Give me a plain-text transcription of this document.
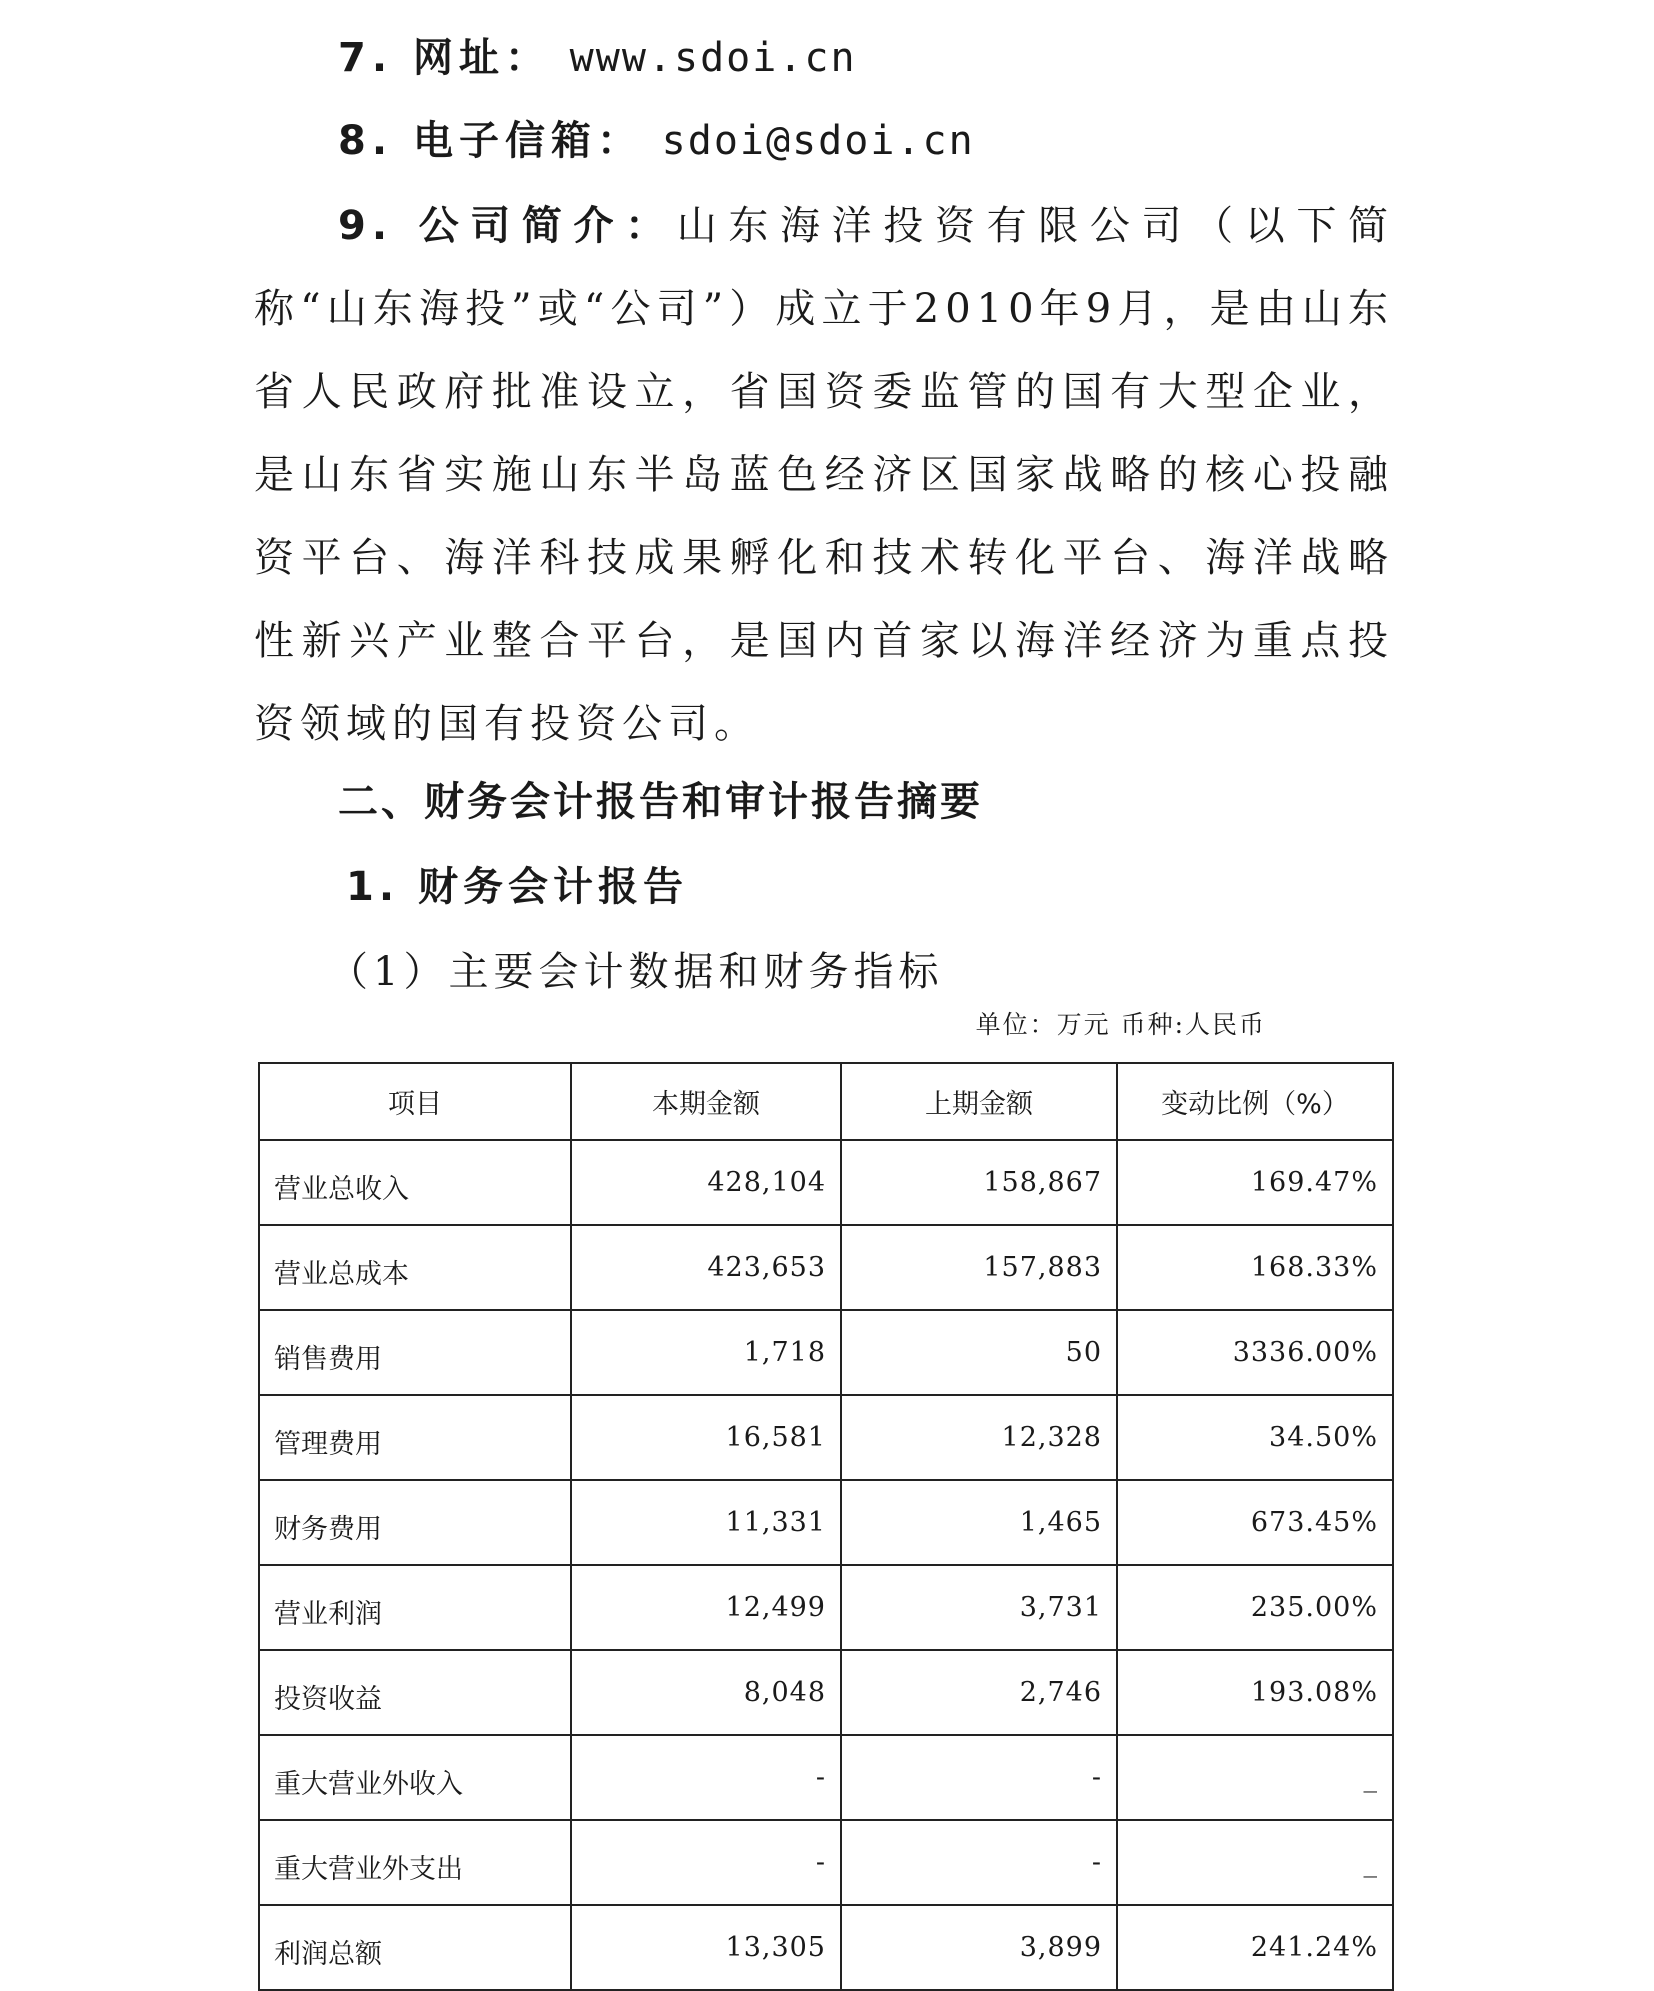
7. 网址： www.sdoi.cn

8. 电子信箱： sdoi@sdoi.cn

9. 公司简介：山东海洋投资有限公司（以下简称“山东海投”或“公司”）成立于2010年9月，是由山东省人民政府批准设立，省国资委监管的国有大型企业，是山东省实施山东半岛蓝色经济区国家战略的核心投融资平台、海洋科技成果孵化和技术转化平台、海洋战略性新兴产业整合平台，是国内首家以海洋经济为重点投资领域的国有投资公司。

二、财务会计报告和审计报告摘要
1. 财务会计报告
（1）主要会计数据和财务指标

单位：万元 币种:人民币

项目	本期金额	上期金额	变动比例（%）
营业总收入	428,104	158,867	169.47%
营业总成本	423,653	157,883	168.33%
销售费用	1,718	50	3336.00%
管理费用	16,581	12,328	34.50%
财务费用	11,331	1,465	673.45%
营业利润	12,499	3,731	235.00%
投资收益	8,048	2,746	193.08%
重大营业外收入	-	-	_
重大营业外支出	-	-	_
利润总额	13,305	3,899	241.24%
